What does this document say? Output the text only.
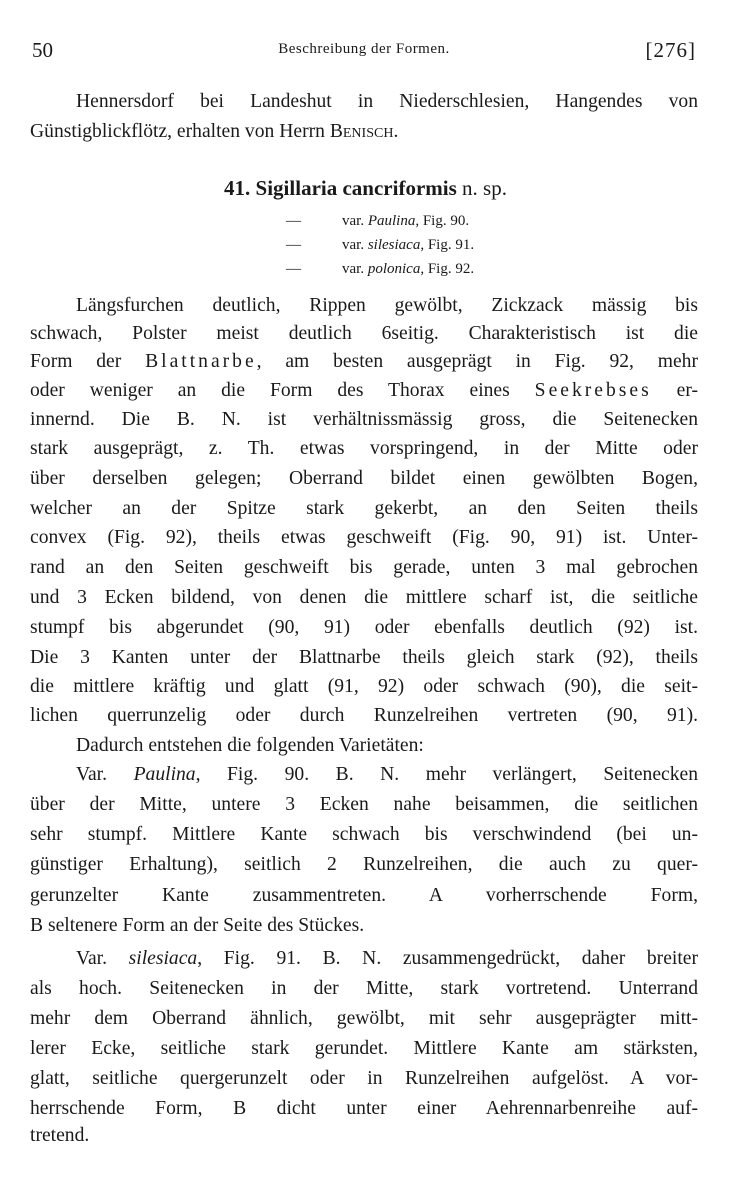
50	Beschreibung der Formen.	[276]
Hennersdorf bei Landeshut in Niederschlesien, Hangendes von
Günstigblickflötz, erhalten von Herrn Benisch.
41. Sigillaria cancriformis n. sp.
—	var. Paulina, Fig. 90.
—	var. silesiaca, Fig. 91.
—	var. polonica, Fig. 92.
Längsfurchen deutlich, Rippen gewölbt, Zickzack mässig bis
schwach, Polster meist deutlich 6seitig. Charakteristisch ist die
Form der Blattnarbe, am besten ausgeprägt in Fig. 92, mehr
oder weniger an die Form des Thorax eines Seekrebses er-
innernd. Die B. N. ist verhältnissmässig gross, die Seitenecken
stark ausgeprägt, z. Th. etwas vorspringend, in der Mitte oder
über derselben gelegen; Oberrand bildet einen gewölbten Bogen,
welcher an der Spitze stark gekerbt, an den Seiten theils
convex (Fig. 92), theils etwas geschweift (Fig. 90, 91) ist. Unter-
rand an den Seiten geschweift bis gerade, unten 3 mal gebrochen
und 3 Ecken bildend, von denen die mittlere scharf ist, die seitliche
stumpf bis abgerundet (90, 91) oder ebenfalls deutlich (92) ist.
Die 3 Kanten unter der Blattnarbe theils gleich stark (92), theils
die mittlere kräftig und glatt (91, 92) oder schwach (90), die seit-
lichen querrunzelig oder durch Runzelreihen vertreten (90, 91).
Dadurch entstehen die folgenden Varietäten:
Var. Paulina, Fig. 90. B. N. mehr verlängert, Seitenecken
über der Mitte, untere 3 Ecken nahe beisammen, die seitlichen
sehr stumpf. Mittlere Kante schwach bis verschwindend (bei un-
günstiger Erhaltung), seitlich 2 Runzelreihen, die auch zu quer-
gerunzelter Kante zusammentreten. A vorherrschende Form,
B seltenere Form an der Seite des Stückes.
Var. silesiaca, Fig. 91. B. N. zusammengedrückt, daher breiter
als hoch. Seitenecken in der Mitte, stark vortretend. Unterrand
mehr dem Oberrand ähnlich, gewölbt, mit sehr ausgeprägter mitt-
lerer Ecke, seitliche stark gerundet. Mittlere Kante am stärksten,
glatt, seitliche quergerunzelt oder in Runzelreihen aufgelöst. A vor-
herrschende Form, B dicht unter einer Aehrennarbenreihe auf-
tretend.
